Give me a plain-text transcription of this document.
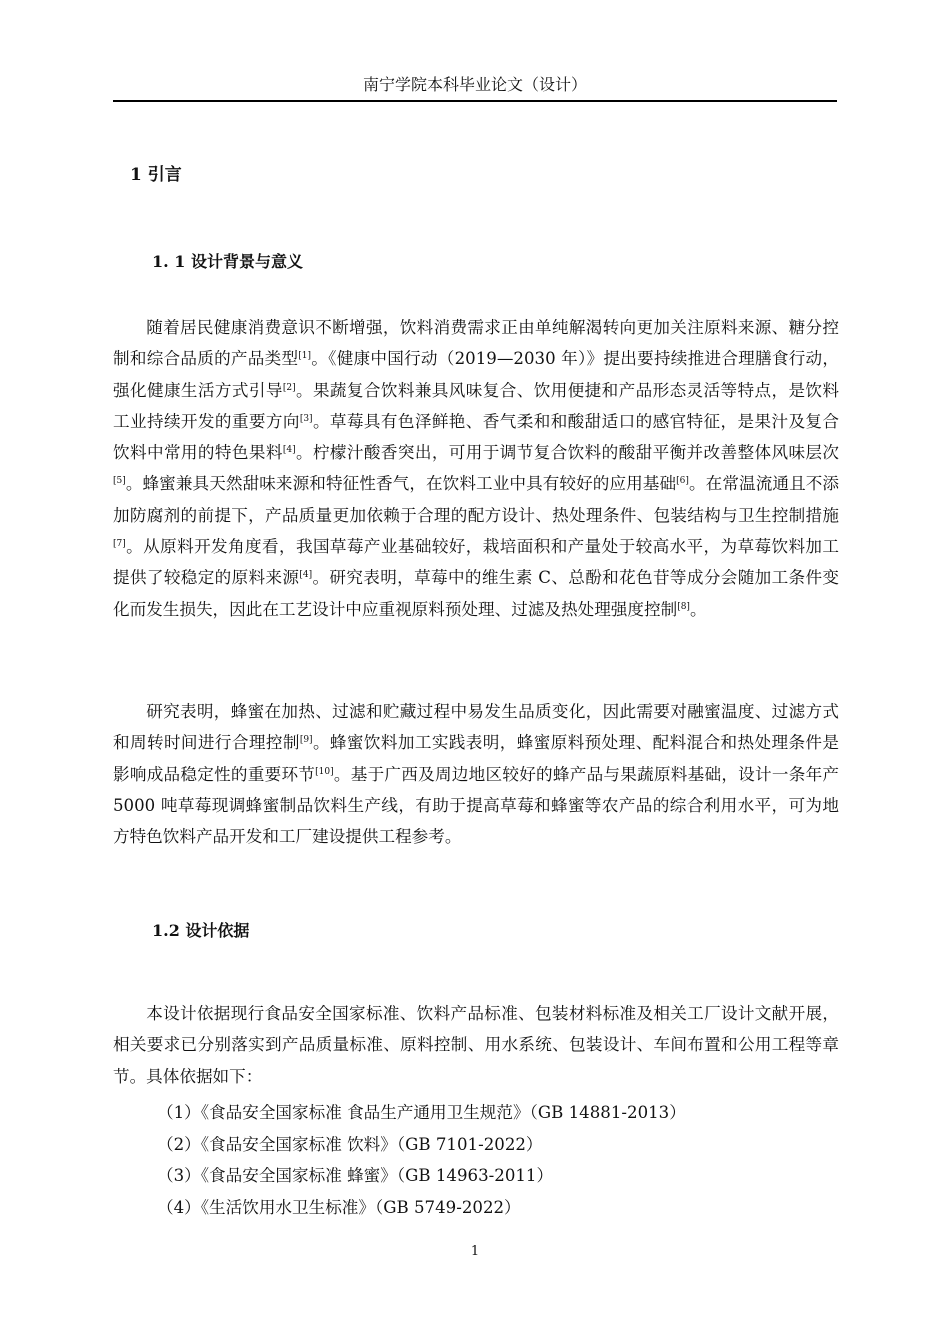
南宁学院本科毕业论文（设计）
1 引言
1. 1 设计背景与意义

随着居民健康消费意识不断增强，饮料消费需求正由单纯解渴转向更加关注原料来源、糖分控制和综合品质的产品类型[1]。《健康中国行动（2019—2030 年）》提出要持续推进合理膳食行动，强化健康生活方式引导[2]。果蔬复合饮料兼具风味复合、饮用便捷和产品形态灵活等特点，是饮料工业持续开发的重要方向[3]。草莓具有色泽鲜艳、香气柔和和酸甜适口的感官特征，是果汁及复合饮料中常用的特色果料[4]。柠檬汁酸香突出，可用于调节复合饮料的酸甜平衡并改善整体风味层次[5]。蜂蜜兼具天然甜味来源和特征性香气，在饮料工业中具有较好的应用基础[6]。在常温流通且不添加防腐剂的前提下，产品质量更加依赖于合理的配方设计、热处理条件、包装结构与卫生控制措施[7]。从原料开发角度看，我国草莓产业基础较好，栽培面积和产量处于较高水平，为草莓饮料加工提供了较稳定的原料来源[4]。研究表明，草莓中的维生素 C、总酚和花色苷等成分会随加工条件变化而发生损失，因此在工艺设计中应重视原料预处理、过滤及热处理强度控制[8]。

研究表明，蜂蜜在加热、过滤和贮藏过程中易发生品质变化，因此需要对融蜜温度、过滤方式和周转时间进行合理控制[9]。蜂蜜饮料加工实践表明，蜂蜜原料预处理、配料混合和热处理条件是影响成品稳定性的重要环节[10]。基于广西及周边地区较好的蜂产品与果蔬原料基础，设计一条年产 5000 吨草莓现调蜂蜜制品饮料生产线，有助于提高草莓和蜂蜜等农产品的综合利用水平，可为地方特色饮料产品开发和工厂建设提供工程参考。

1.2 设计依据

本设计依据现行食品安全国家标准、饮料产品标准、包装材料标准及相关工厂设计文献开展，相关要求已分别落实到产品质量标准、原料控制、用水系统、包装设计、车间布置和公用工程等章节。具体依据如下：

（1）《食品安全国家标准 食品生产通用卫生规范》（GB 14881-2013）
（2）《食品安全国家标准 饮料》（GB 7101-2022）
（3）《食品安全国家标准 蜂蜜》（GB 14963-2011）
（4）《生活饮用水卫生标准》（GB 5749-2022）
1
